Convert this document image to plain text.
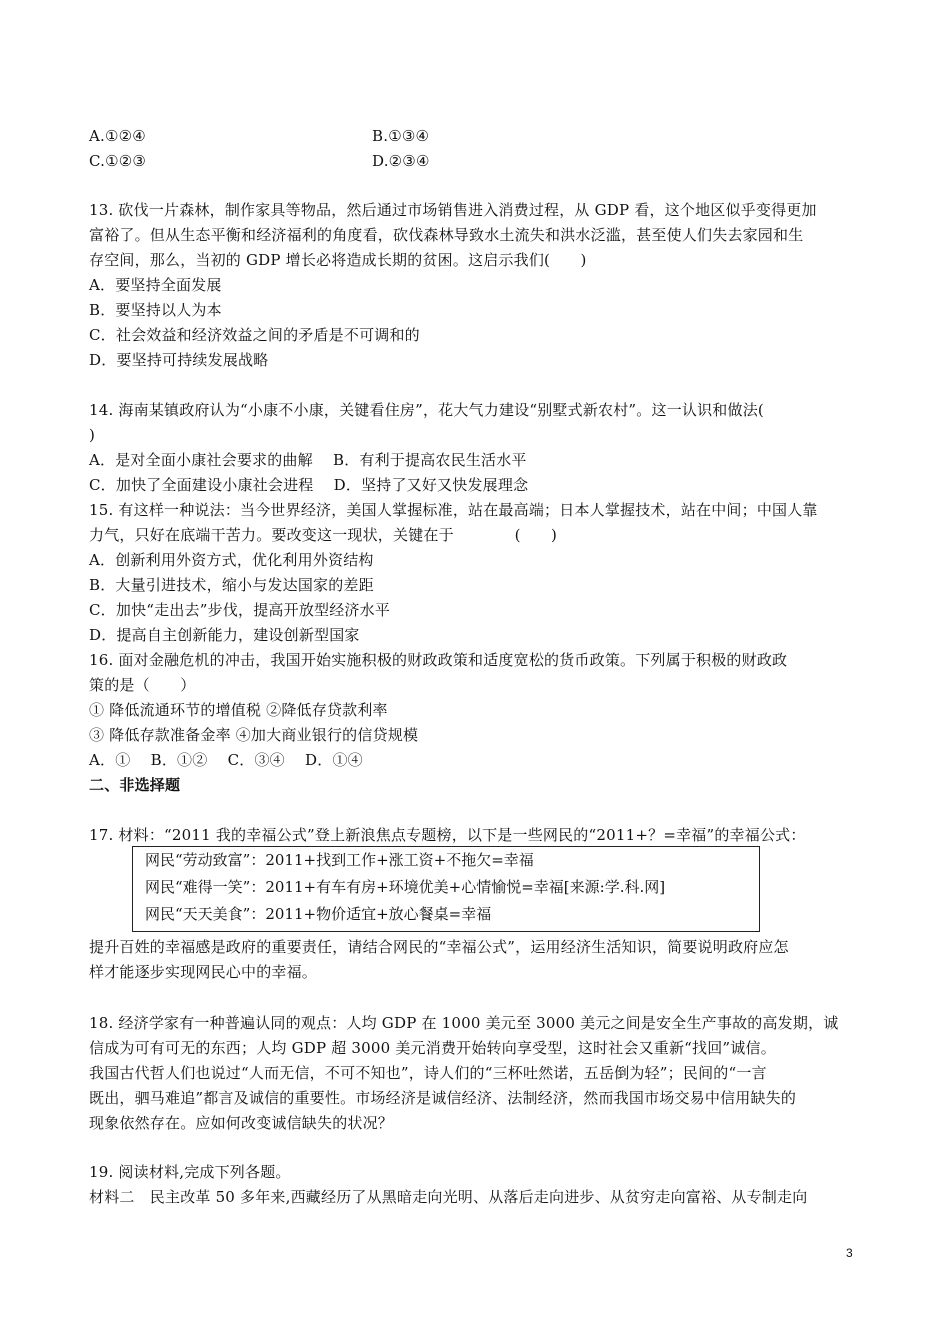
A.①②④	B.①③④
C.①②③	D.②③④
13. 砍伐一片森林，制作家具等物品，然后通过市场销售进入消费过程，从 GDP 看，这个地区似乎变得更加
富裕了。但从生态平衡和经济福利的角度看，砍伐森林导致水土流失和洪水泛滥，甚至使人们失去家园和生
存空间，那么，当初的 GDP 增长必将造成长期的贫困。这启示我们(　　)
A．要坚持全面发展
B．要坚持以人为本
C．社会效益和经济效益之间的矛盾是不可调和的
D．要坚持可持续发展战略
14. 海南某镇政府认为“小康不小康，关键看住房”，花大气力建设“别墅式新农村”。这一认识和做法(
)
A．是对全面小康社会要求的曲解　 B．有利于提高农民生活水平
C．加快了全面建设小康社会进程　 D．坚持了又好又快发展理念
15. 有这样一种说法：当今世界经济，美国人掌握标准，站在最高端；日本人掌握技术，站在中间；中国人靠
力气，只好在底端干苦力。要改变这一现状，关键在于　　　　(　　)
A．创新利用外资方式，优化利用外资结构
B．大量引进技术，缩小与发达国家的差距
C．加快“走出去”步伐，提高开放型经济水平
D．提高自主创新能力，建设创新型国家
16. 面对金融危机的冲击，我国开始实施积极的财政政策和适度宽松的货币政策。下列属于积极的财政政
策的是（　　）
① 降低流通环节的增值税 ②降低存贷款利率
③ 降低存款准备金率 ④加大商业银行的信贷规模
A．①　 B．①②　 C．③④　 D．①④
二、非选择题
17. 材料：“2011 我的幸福公式”登上新浪焦点专题榜，以下是一些网民的“2011+？=幸福”的幸福公式：
网民“劳动致富”：2011+找到工作+涨工资+不拖欠=幸福
网民“难得一笑”：2011+有车有房+环境优美+心情愉悦=幸福[来源:学.科.网]
网民“天天美食”：2011+物价适宜+放心餐桌=幸福
提升百姓的幸福感是政府的重要责任，请结合网民的“幸福公式”，运用经济生活知识，简要说明政府应怎
样才能逐步实现网民心中的幸福。
18. 经济学家有一种普遍认同的观点：人均 GDP 在 1000 美元至 3000 美元之间是安全生产事故的高发期，诚
信成为可有可无的东西；人均 GDP 超 3000 美元消费开始转向享受型，这时社会又重新“找回”诚信。
我国古代哲人们也说过“人而无信，不可不知也”，诗人们的“三杯吐然诺，五岳倒为轻”；民间的“一言
既出，驷马难追”都言及诚信的重要性。市场经济是诚信经济、法制经济，然而我国市场交易中信用缺失的
现象依然存在。应如何改变诚信缺失的状况？
19. 阅读材料,完成下列各题。
材料二　民主改革 50 多年来,西藏经历了从黑暗走向光明、从落后走向进步、从贫穷走向富裕、从专制走向
3
